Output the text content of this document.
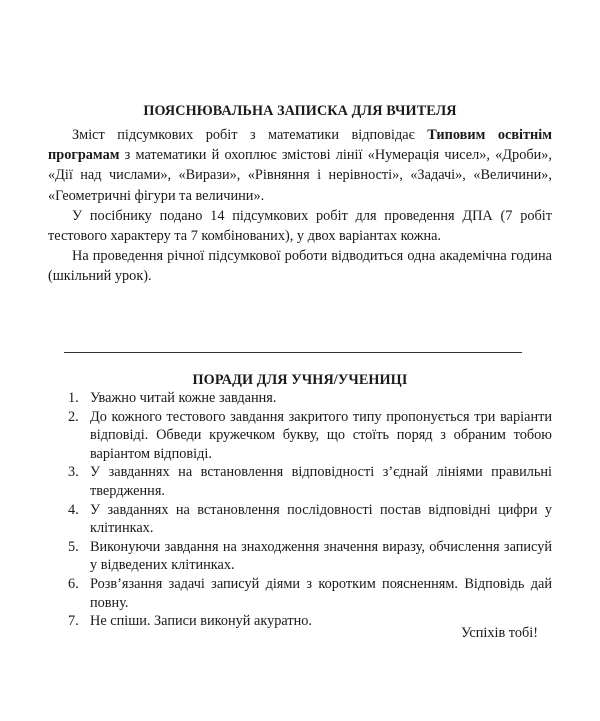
ПОЯСНЮВАЛЬНА ЗАПИСКА ДЛЯ ВЧИТЕЛЯ

Зміст підсумкових робіт з математики відповідає Типовим освітнім програмам з математики й охоплює змістові лінії «Нумерація чисел», «Дроби», «Дії над числами», «Вирази», «Рівняння і нерівності», «Задачі», «Величини», «Геометричні фігури та величини».

У посібнику подано 14 підсумкових робіт для проведення ДПА (7 робіт тестового характеру та 7 комбінованих), у двох варіантах кожна.

На проведення річної підсумкової роботи відводиться одна академічна година (шкільний урок).

ПОРАДИ ДЛЯ УЧНЯ/УЧЕНИЦІ
1. Уважно читай кожне завдання.
2. До кожного тестового завдання закритого типу пропонується три варіанти відповіді. Обведи кружечком букву, що стоїть поряд з обраним тобою варіантом відповіді.
3. У завданнях на встановлення відповідності з’єднай лініями правильні твердження.
4. У завданнях на встановлення послідовності постав відповідні цифри у клітинках.
5. Виконуючи завдання на знаходження значення виразу, обчислення записуй у відведених клітинках.
6. Розв’язання задачі записуй діями з коротким поясненням. Відповідь дай повну.
7. Не спіши. Записи виконуй акуратно.
Успіхів тобі!
